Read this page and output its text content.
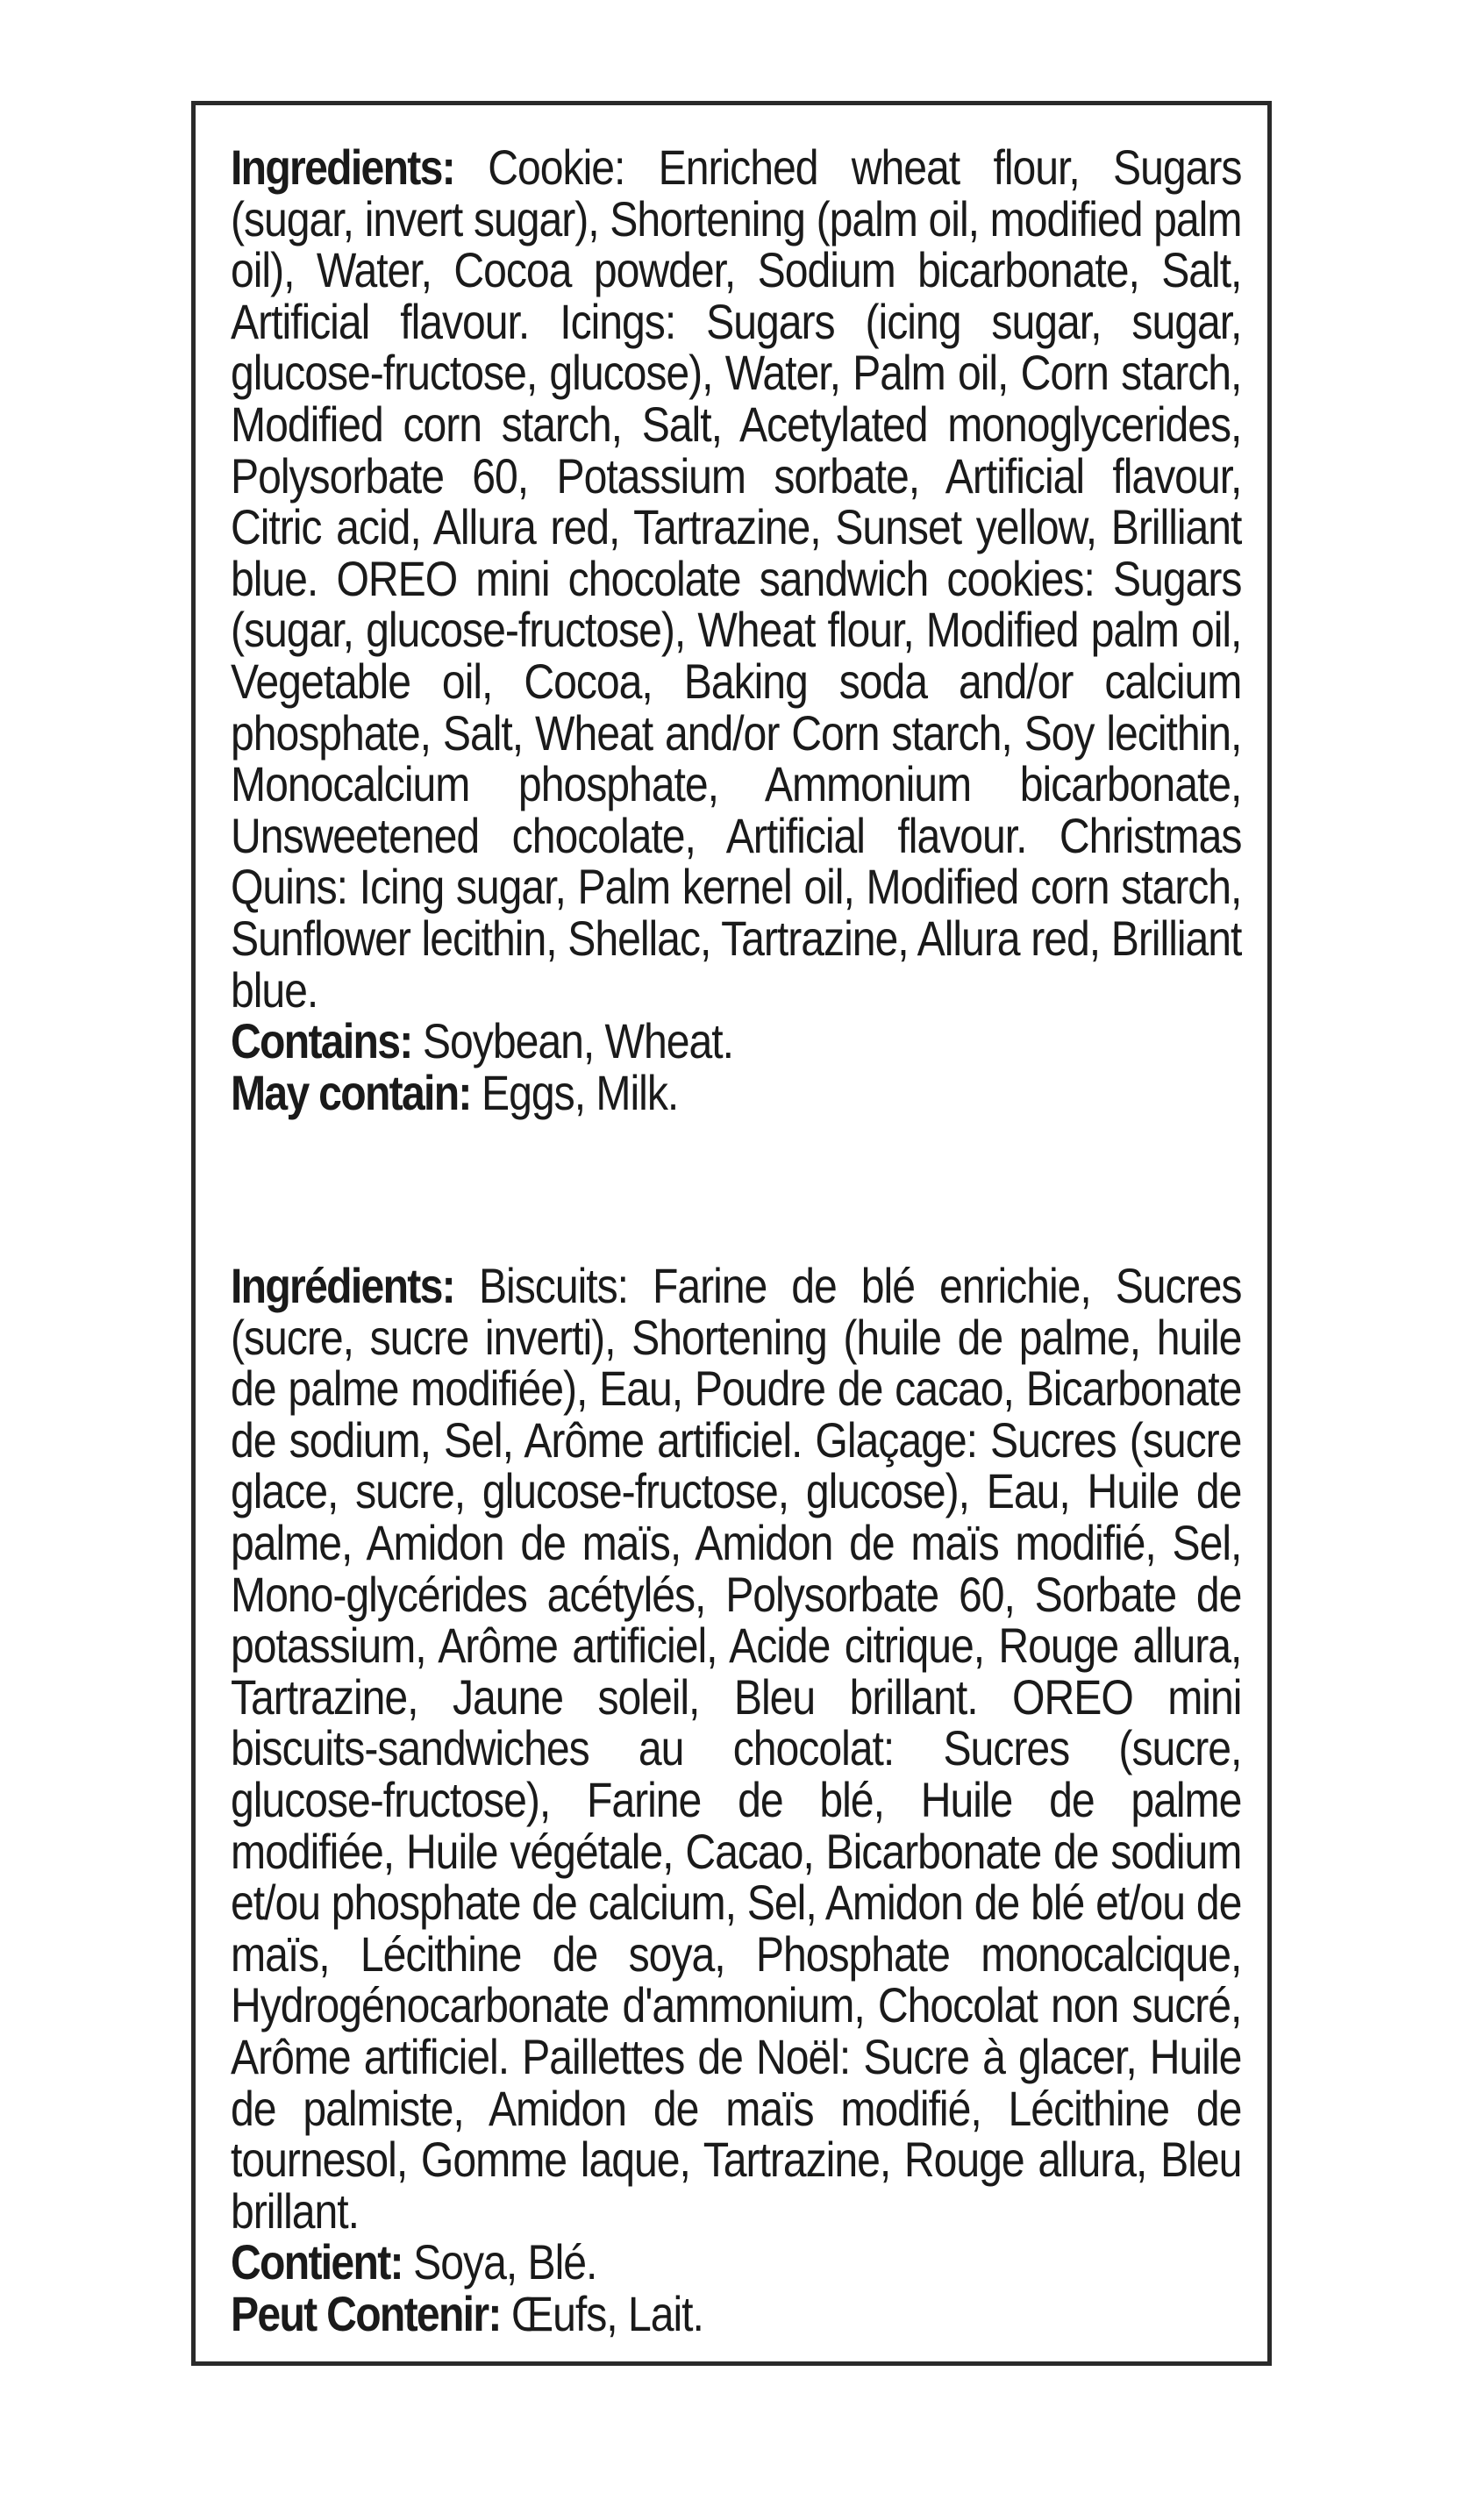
Ingredients: Cookie: Enriched wheat flour, Sugars (sugar, invert sugar), Shortening (palm oil, modified palm oil), Water, Cocoa powder, Sodium bicarbonate, Salt, Artificial flavour. Icings: Sugars (icing sugar, sugar, glucose-fructose, glucose), Water, Palm oil, Corn starch, Modified corn starch, Salt, Acetylated monoglycerides, Polysorbate 60, Potassium sorbate, Artificial flavour, Citric acid, Allura red, Tartrazine, Sunset yellow, Brilliant blue. OREO mini chocolate sandwich cookies: Sugars (sugar, glucose-fructose), Wheat flour, Modified palm oil, Vegetable oil, Cocoa, Baking soda and/or calcium phosphate, Salt, Wheat and/or Corn starch, Soy lecithin, Monocalcium phosphate, Ammonium bicarbonate, Unsweetened chocolate, Artificial flavour. Christmas Quins: Icing sugar, Palm kernel oil, Modified corn starch, Sunflower lecithin, Shellac, Tartrazine, Allura red, Brilliant blue.

Contains: Soybean, Wheat.

May contain: Eggs, Milk.

Ingrédients: Biscuits: Farine de blé enrichie, Sucres (sucre, sucre inverti), Shortening (huile de palme, huile de palme modifiée), Eau, Poudre de cacao, Bicarbonate de sodium, Sel, Arôme artificiel. Glaçage: Sucres (sucre glace, sucre, glucose-fructose, glucose), Eau, Huile de palme, Amidon de maïs, Amidon de maïs modifié, Sel, Mono-glycérides acétylés, Polysorbate 60, Sorbate de potassium, Arôme artificiel, Acide citrique, Rouge allura, Tartrazine, Jaune soleil, Bleu brillant. OREO mini biscuits-sandwiches au chocolat: Sucres (sucre, glucose-fructose), Farine de blé, Huile de palme modifiée, Huile végétale, Cacao, Bicarbonate de sodium et/ou phosphate de calcium, Sel, Amidon de blé et/ou de maïs, Lécithine de soya, Phosphate monocalcique, Hydrogénocarbonate d'ammonium, Chocolat non sucré, Arôme artificiel. Paillettes de Noël: Sucre à glacer, Huile de palmiste, Amidon de maïs modifié, Lécithine de tournesol, Gomme laque, Tartrazine, Rouge allura, Bleu brillant.

Contient: Soya, Blé.

Peut Contenir: Œufs, Lait.
